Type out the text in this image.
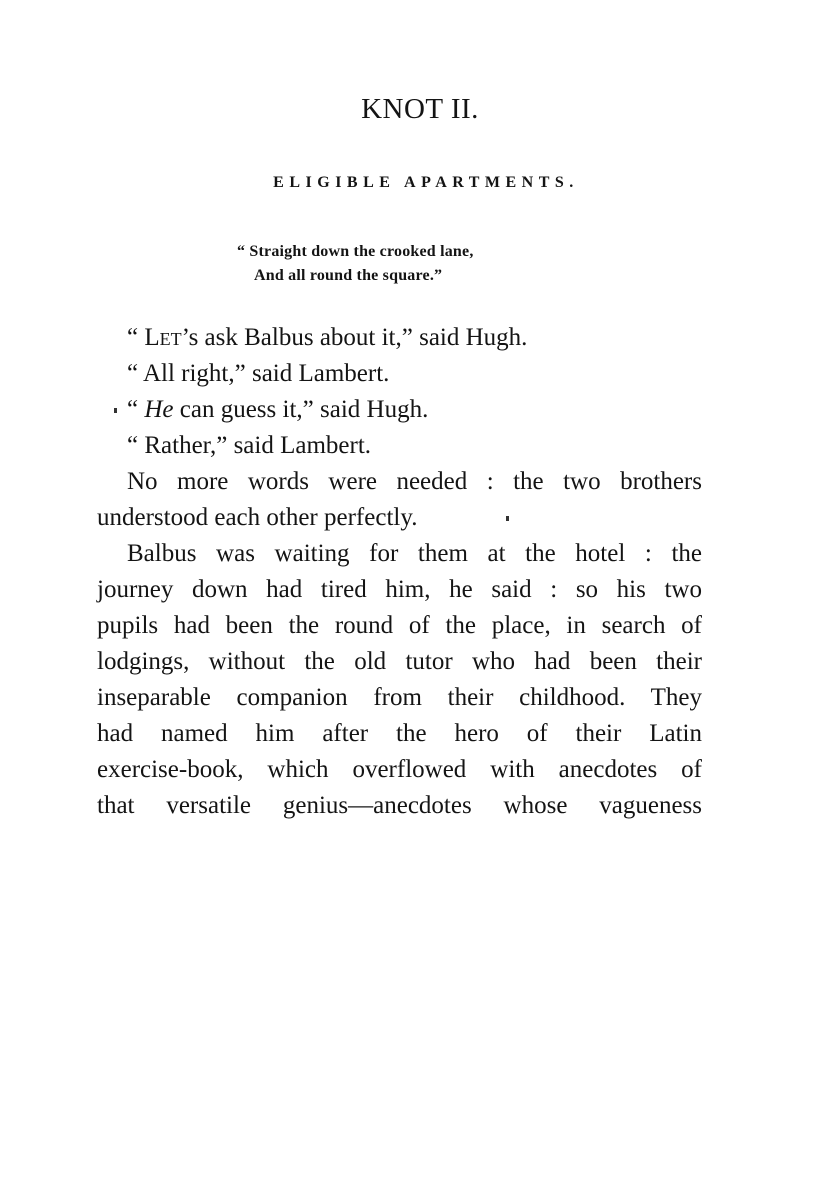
KNOT II.
ELIGIBLE APARTMENTS.
“ Straight down the crooked lane,
And all round the square.”
“ Let’s ask Balbus about it,” said Hugh.
“ All right,” said Lambert.
“ He can guess it,” said Hugh.
“ Rather,” said Lambert.
No more words were needed : the two brothers
understood each other perfectly.
Balbus was waiting for them at the hotel : the
journey down had tired him, he said : so his two
pupils had been the round of the place, in search of
lodgings, without the old tutor who had been their
inseparable companion from their childhood. They
had named him after the hero of their Latin
exercise-book, which overflowed with anecdotes of
that versatile genius—anecdotes whose vagueness
